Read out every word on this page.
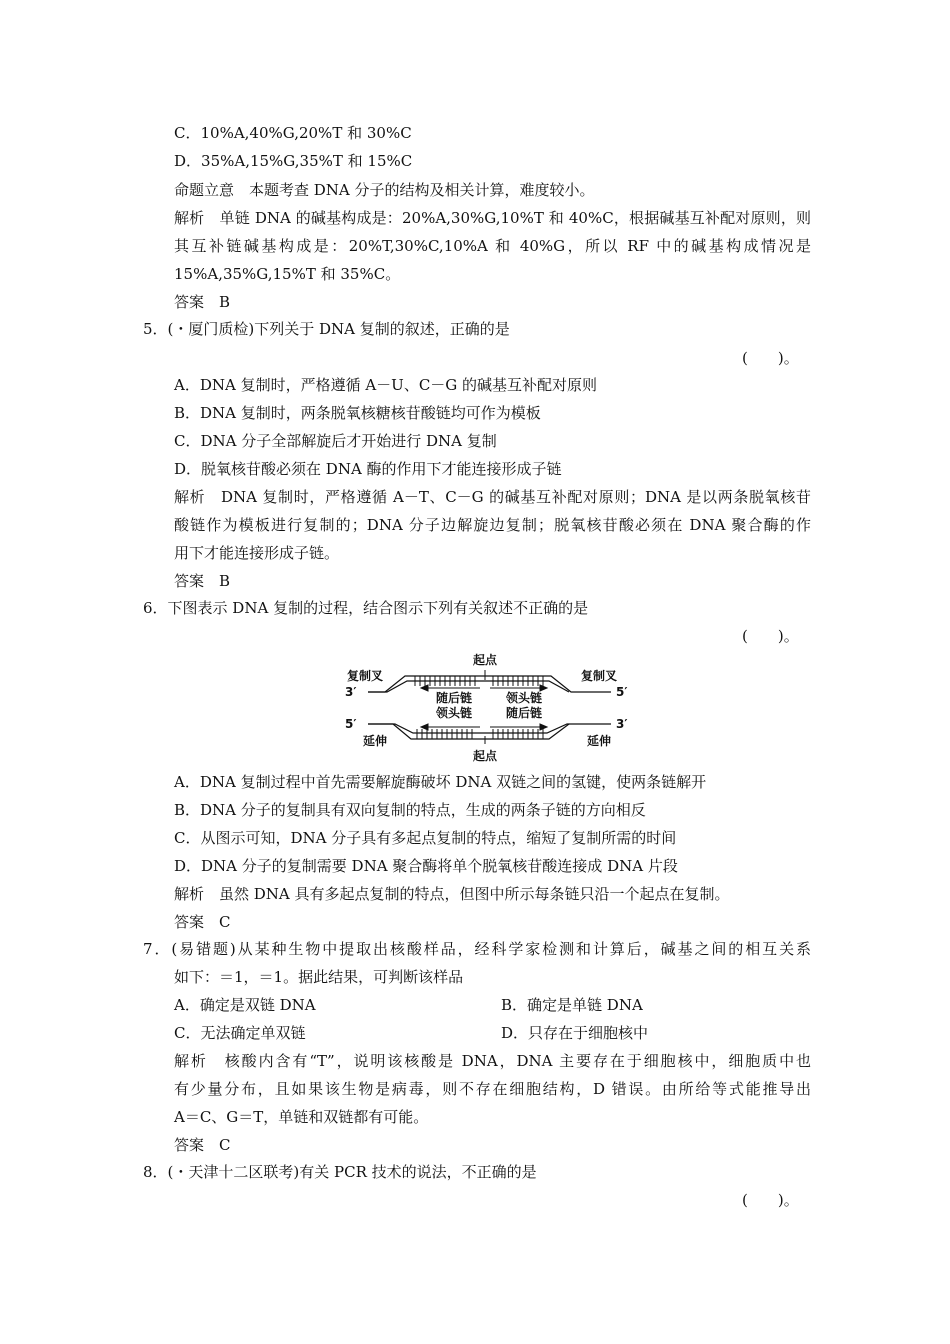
C．10%A,40%G,20%T 和 30%C
D．35%A,15%G,35%T 和 15%C
命题立意　本题考查 DNA 分子的结构及相关计算，难度较小。
解析　单链 DNA 的碱基构成是：20%A,30%G,10%T 和 40%C，根据碱基互补配对原则，则
其互补链碱基构成是：20%T,30%C,10%A 和 40%G，所以 RF 中的碱基构成情况是
15%A,35%G,15%T 和 35%C。
答案　B
5．(・厦门质检)下列关于 DNA 复制的叙述，正确的是
(　　)。
A．DNA 复制时，严格遵循 A－U、C－G 的碱基互补配对原则
B．DNA 复制时，两条脱氧核糖核苷酸链均可作为模板
C．DNA 分子全部解旋后才开始进行 DNA 复制
D．脱氧核苷酸必须在 DNA 酶的作用下才能连接形成子链
解析　DNA 复制时，严格遵循 A－T、C－G 的碱基互补配对原则；DNA 是以两条脱氧核苷
酸链作为模板进行复制的；DNA 分子边解旋边复制；脱氧核苷酸必须在 DNA 聚合酶的作
用下才能连接形成子链。
答案　B
6．下图表示 DNA 复制的过程，结合图示下列有关叙述不正确的是
(　　)。
起点
起点
复制叉	复制叉
延伸	延伸
3′
5′
5′
3′
随后链	领头链
领头链	随后链
A．DNA 复制过程中首先需要解旋酶破坏 DNA 双链之间的氢键，使两条链解开
B．DNA 分子的复制具有双向复制的特点，生成的两条子链的方向相反
C．从图示可知，DNA 分子具有多起点复制的特点，缩短了复制所需的时间
D．DNA 分子的复制需要 DNA 聚合酶将单个脱氧核苷酸连接成 DNA 片段
解析　虽然 DNA 具有多起点复制的特点，但图中所示每条链只沿一个起点在复制。
答案　C
7．(易错题)从某种生物中提取出核酸样品，经科学家检测和计算后，碱基之间的相互关系
如下：＝1，＝1。据此结果，可判断该样品
A．确定是双链 DNA	B．确定是单链 DNA
C．无法确定单双链	D．只存在于细胞核中
解析　核酸内含有“T”，说明该核酸是 DNA，DNA 主要存在于细胞核中，细胞质中也
有少量分布，且如果该生物是病毒，则不存在细胞结构，D 错误。由所给等式能推导出
A＝C、G＝T，单链和双链都有可能。
答案　C
8．(・天津十二区联考)有关 PCR 技术的说法，不正确的是
(　　)。
